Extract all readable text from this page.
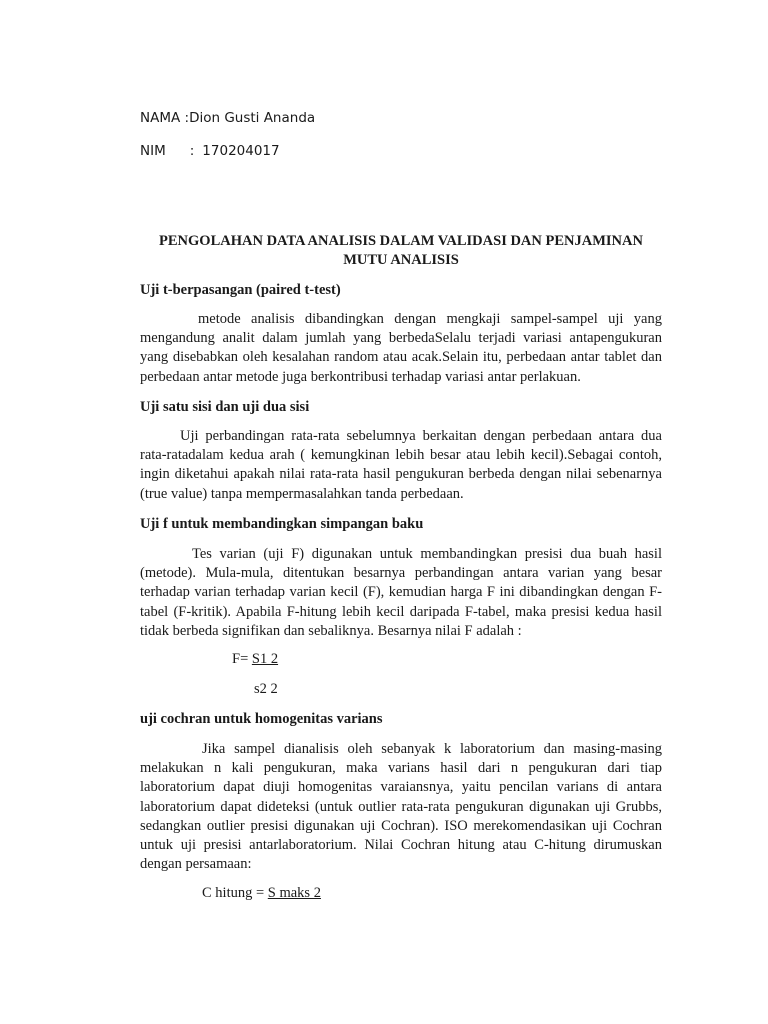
NAMA :Dion Gusti Ananda
NIM : 170204017
PENGOLAHAN DATA ANALISIS DALAM VALIDASI DAN PENJAMINAN MUTU ANALISIS
Uji t-berpasangan (paired t-test)
metode analisis dibandingkan dengan mengkaji sampel-sampel uji yang mengandung analit dalam jumlah yang berbedaSelalu terjadi variasi antapengukuran yang disebabkan oleh kesalahan random atau acak.Selain itu, perbedaan antar tablet dan perbedaan antar metode juga berkontribusi terhadap variasi antar perlakuan.
Uji satu sisi dan uji dua sisi
Uji perbandingan rata-rata sebelumnya berkaitan dengan perbedaan antara dua rata-ratadalam kedua arah ( kemungkinan lebih besar atau lebih kecil).Sebagai contoh, ingin diketahui apakah nilai rata-rata hasil pengukuran berbeda dengan nilai sebenarnya (true value) tanpa mempermasalahkan tanda perbedaan.
Uji f untuk membandingkan simpangan baku
Tes varian (uji F) digunakan untuk membandingkan presisi dua buah hasil (metode). Mula-mula, ditentukan besarnya perbandingan antara varian yang besar terhadap varian terhadap varian kecil (F), kemudian harga F ini dibandingkan dengan F-tabel (F-kritik). Apabila F-hitung lebih kecil daripada F-tabel, maka presisi kedua hasil tidak berbeda signifikan dan sebaliknya. Besarnya nilai F adalah :
F= S1 2
s2 2
uji cochran untuk homogenitas varians
Jika sampel dianalisis oleh sebanyak k laboratorium dan masing-masing melakukan n kali pengukuran, maka varians hasil dari n pengukuran dari tiap laboratorium dapat diuji homogenitas varaiansnya, yaitu pencilan varians di antara laboratorium dapat dideteksi (untuk outlier rata-rata pengukuran digunakan uji Grubbs, sedangkan outlier presisi digunakan uji Cochran). ISO merekomendasikan uji Cochran untuk uji presisi antarlaboratorium. Nilai Cochran hitung atau C-hitung dirumuskan dengan persamaan:
C hitung = S maks 2
